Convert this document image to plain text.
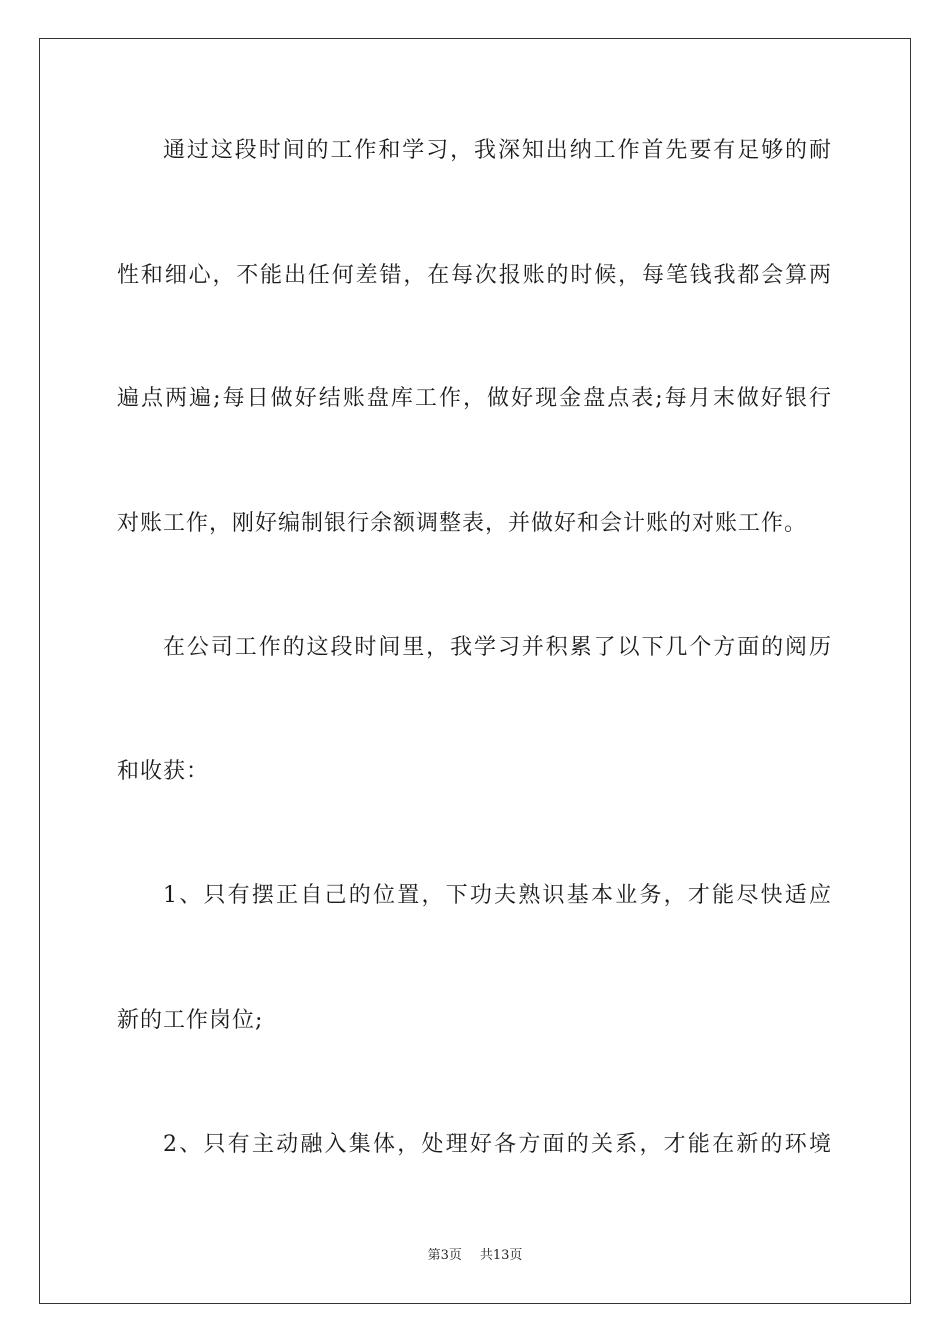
通过这段时间的工作和学习，我深知出纳工作首先要有足够的耐
性和细心，不能出任何差错，在每次报账的时候，每笔钱我都会算两
遍点两遍;每日做好结账盘库工作，做好现金盘点表;每月末做好银行
对账工作，刚好编制银行余额调整表，并做好和会计账的对账工作。
在公司工作的这段时间里，我学习并积累了以下几个方面的阅历
和收获：
1、只有摆正自己的位置，下功夫熟识基本业务，才能尽快适应
新的工作岗位;
2、只有主动融入集体，处理好各方面的关系，才能在新的环境
第3页 共13页
